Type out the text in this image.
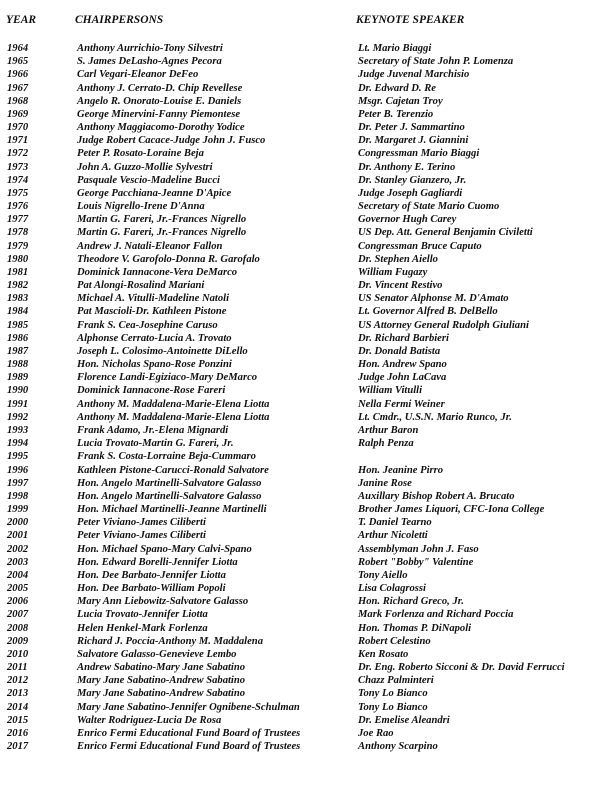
YEAR	CHAIRPERSONS	KEYNOTE SPEAKER
1964	Anthony Aurrichio-Tony Silvestri	Lt. Mario Biaggi
1965	S. James DeLasho-Agnes Pecora	Secretary of State John P. Lomenza
1966	Carl Vegari-Eleanor DeFeo	Judge Juvenal Marchisio
1967	Anthony J. Cerrato-D. Chip Revellese	Dr. Edward D. Re
1968	Angelo R. Onorato-Louise E. Daniels	Msgr. Cajetan Troy
1969	George Minervini-Fanny Piemontese	Peter B. Terenzio
1970	Anthony Maggiacomo-Dorothy Yodice	Dr. Peter J. Sammartino
1971	Judge Robert Cacace-Judge John J. Fusco	Dr. Margaret J. Giannini
1972	Peter P. Rosato-Loraine Beja	Congressman Mario Biaggi
1973	John A. Guzzo-Mollie Sylvestri	Dr. Anthony E. Terino
1974	Pasquale Vescio-Madeline Bucci	Dr. Stanley Gianzero, Jr.
1975	George Pacchiana-Jeanne D'Apice	Judge Joseph Gagliardi
1976	Louis Nigrello-Irene D'Anna	Secretary of State Mario Cuomo
1977	Martin G. Fareri, Jr.-Frances Nigrello	Governor Hugh Carey
1978	Martin G. Fareri, Jr.-Frances Nigrello	US Dep. Att. General Benjamin Civiletti
1979	Andrew J. Natali-Eleanor Fallon	Congressman Bruce Caputo
1980	Theodore V. Garofolo-Donna R. Garofalo	Dr. Stephen Aiello
1981	Dominick Iannacone-Vera DeMarco	William Fugazy
1982	Pat Alongi-Rosalind Mariani	Dr. Vincent Restivo
1983	Michael A. Vitulli-Madeline Natoli	US Senator Alphonse M. D'Amato
1984	Pat Mascioli-Dr. Kathleen Pistone	Lt. Governor Alfred B. DelBello
1985	Frank S. Cea-Josephine Caruso	US Attorney General Rudolph Giuliani
1986	Alphonse Cerrato-Lucia A. Trovato	Dr. Richard Barbieri
1987	Joseph L. Colosimo-Antoinette DiLello	Dr. Donald Batista
1988	Hon. Nicholas Spano-Rose Ponzini	Hon. Andrew Spano
1989	Florence Landi-Egiziaco-Mary DeMarco	Judge John LaCava
1990	Dominick Iannacone-Rose Fareri	William Vitulli
1991	Anthony M. Maddalena-Marie-Elena Liotta	Nella Fermi Weiner
1992	Anthony M. Maddalena-Marie-Elena Liotta	Lt. Cmdr., U.S.N. Mario Runco, Jr.
1993	Frank Adamo, Jr.-Elena Mignardi	Arthur Baron
1994	Lucia Trovato-Martin G. Fareri, Jr.	Ralph Penza
1995	Frank S. Costa-Lorraine Beja-Cummaro
1996	Kathleen Pistone-Carucci-Ronald Salvatore	Hon. Jeanine Pirro
1997	Hon. Angelo Martinelli-Salvatore Galasso	Janine Rose
1998	Hon. Angelo Martinelli-Salvatore Galasso	Auxillary Bishop Robert A. Brucato
1999	Hon. Michael Martinelli-Jeanne Martinelli	Brother James Liquori, CFC-Iona College
2000	Peter Viviano-James Ciliberti	T. Daniel Tearno
2001	Peter Viviano-James Ciliberti	Arthur Nicoletti
2002	Hon. Michael Spano-Mary Calvi-Spano	Assemblyman John J. Faso
2003	Hon. Edward Borelli-Jennifer Liotta	Robert "Bobby" Valentine
2004	Hon. Dee Barbato-Jennifer Liotta	Tony Aiello
2005	Hon. Dee Barbato-William Popoli	Lisa Colagrossi
2006	Mary Ann Liebowitz-Salvatore Galasso	Hon. Richard Greco, Jr.
2007	Lucia Trovato-Jennifer Liotta	Mark Forlenza and Richard Poccia
2008	Helen Henkel-Mark Forlenza	Hon. Thomas P. DiNapoli
2009	Richard J. Poccia-Anthony M. Maddalena	Robert Celestino
2010	Salvatore Galasso-Genevieve Lembo	Ken Rosato
2011	Andrew Sabatino-Mary Jane Sabatino	Dr. Eng. Roberto Sicconi & Dr. David Ferrucci
2012	Mary Jane Sabatino-Andrew Sabatino	Chazz Palminteri
2013	Mary Jane Sabatino-Andrew Sabatino	Tony Lo Bianco
2014	Mary Jane Sabatino-Jennifer Ognibene-Schulman	Tony Lo Bianco
2015	Walter Rodriguez-Lucia De Rosa	Dr. Emelise Aleandri
2016	Enrico Fermi Educational Fund Board of Trustees	Joe Rao
2017	Enrico Fermi Educational Fund Board of Trustees	Anthony Scarpino
